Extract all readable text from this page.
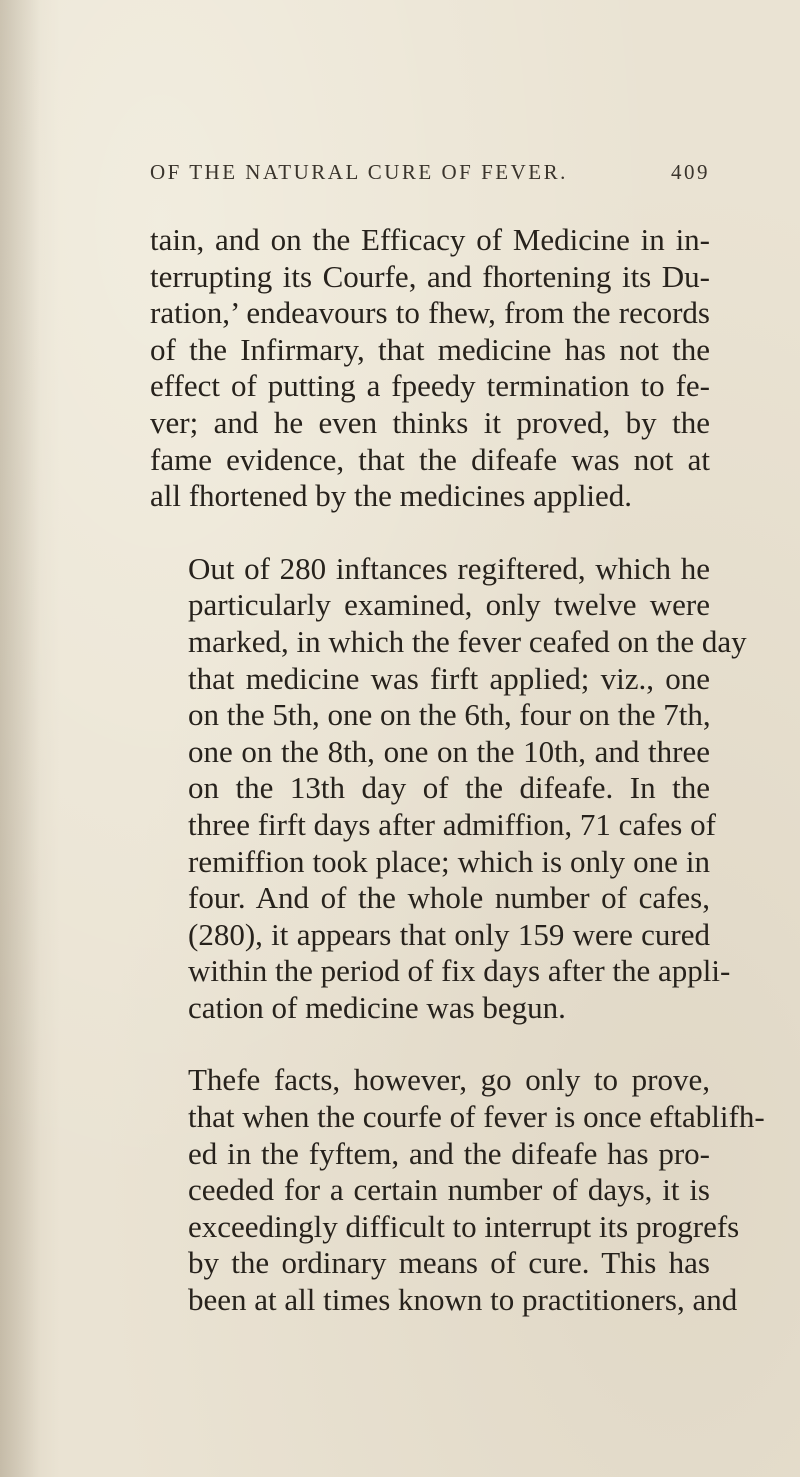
OF THE NATURAL CURE OF FEVER.	409

tain, and on the Efficacy of Medicine in in-
terrupting its Courfe, and fhortening its Du-
ration,’ endeavours to fhew, from the records
of the Infirmary, that medicine has not the
effect of putting a fpeedy termination to fe-
ver; and he even thinks it proved, by the
fame evidence, that the difeafe was not at
all fhortened by the medicines applied.

Out of 280 inftances regiftered, which he
particularly examined, only twelve were
marked, in which the fever ceafed on the day
that medicine was firft applied; viz., one
on the 5th, one on the 6th, four on the 7th,
one on the 8th, one on the 10th, and three
on the 13th day of the difeafe. In the
three firft days after admiffion, 71 cafes of
remiffion took place; which is only one in
four. And of the whole number of cafes,
(280), it appears that only 159 were cured
within the period of fix days after the appli-
cation of medicine was begun.

Thefe facts, however, go only to prove,
that when the courfe of fever is once eftablifh-
ed in the fyftem, and the difeafe has pro-
ceeded for a certain number of days, it is
exceedingly difficult to interrupt its progrefs
by the ordinary means of cure. This has
been at all times known to practitioners, and
